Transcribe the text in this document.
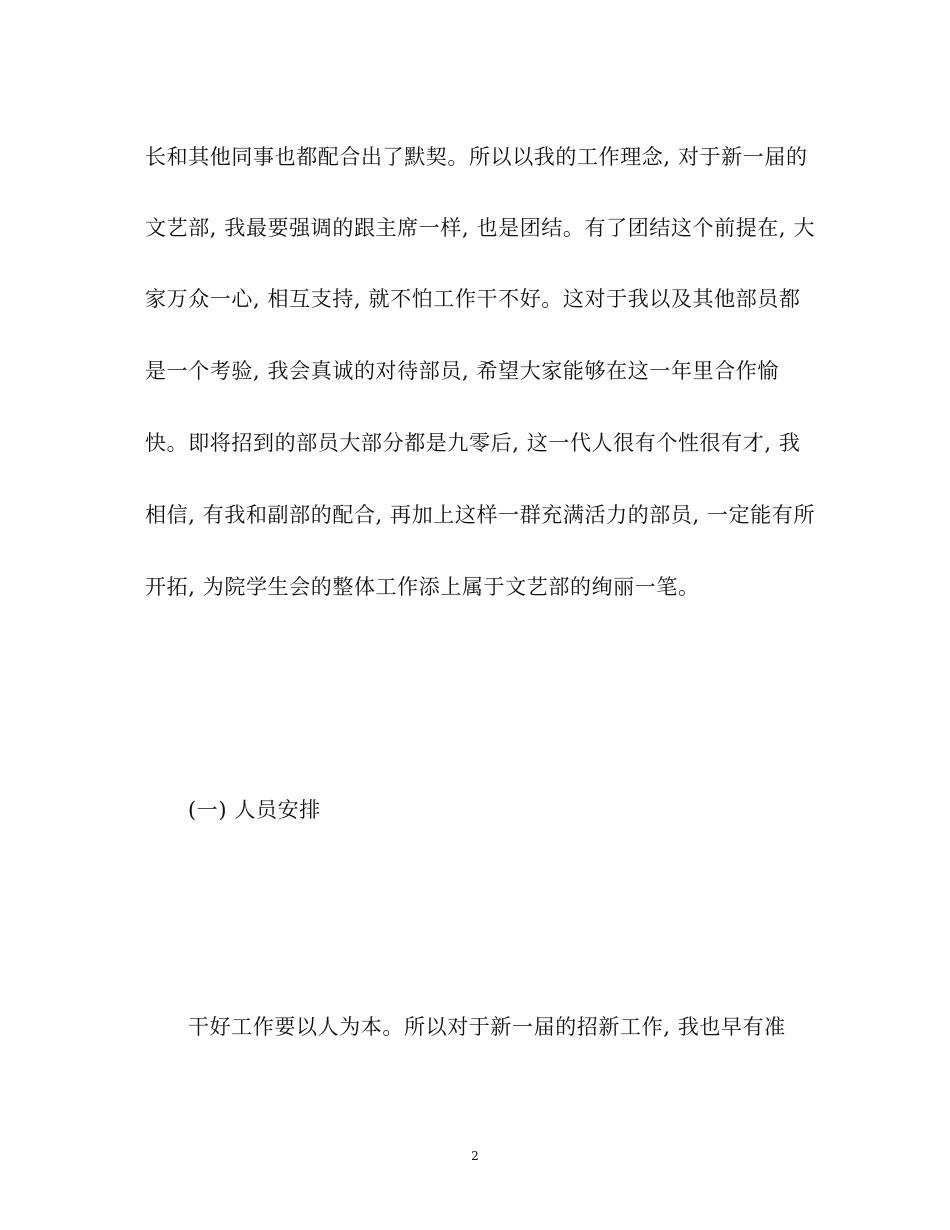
长和其他同事也都配合出了默契。所以以我的工作理念, 对于新一届的
文艺部, 我最要强调的跟主席一样, 也是团结。有了团结这个前提在, 大
家万众一心, 相互支持, 就不怕工作干不好。这对于我以及其他部员都
是一个考验, 我会真诚的对待部员, 希望大家能够在这一年里合作愉
快。即将招到的部员大部分都是九零后, 这一代人很有个性很有才, 我
相信, 有我和副部的配合, 再加上这样一群充满活力的部员, 一定能有所
开拓, 为院学生会的整体工作添上属于文艺部的绚丽一笔。
(一) 人员安排
干好工作要以人为本。所以对于新一届的招新工作, 我也早有准
2
